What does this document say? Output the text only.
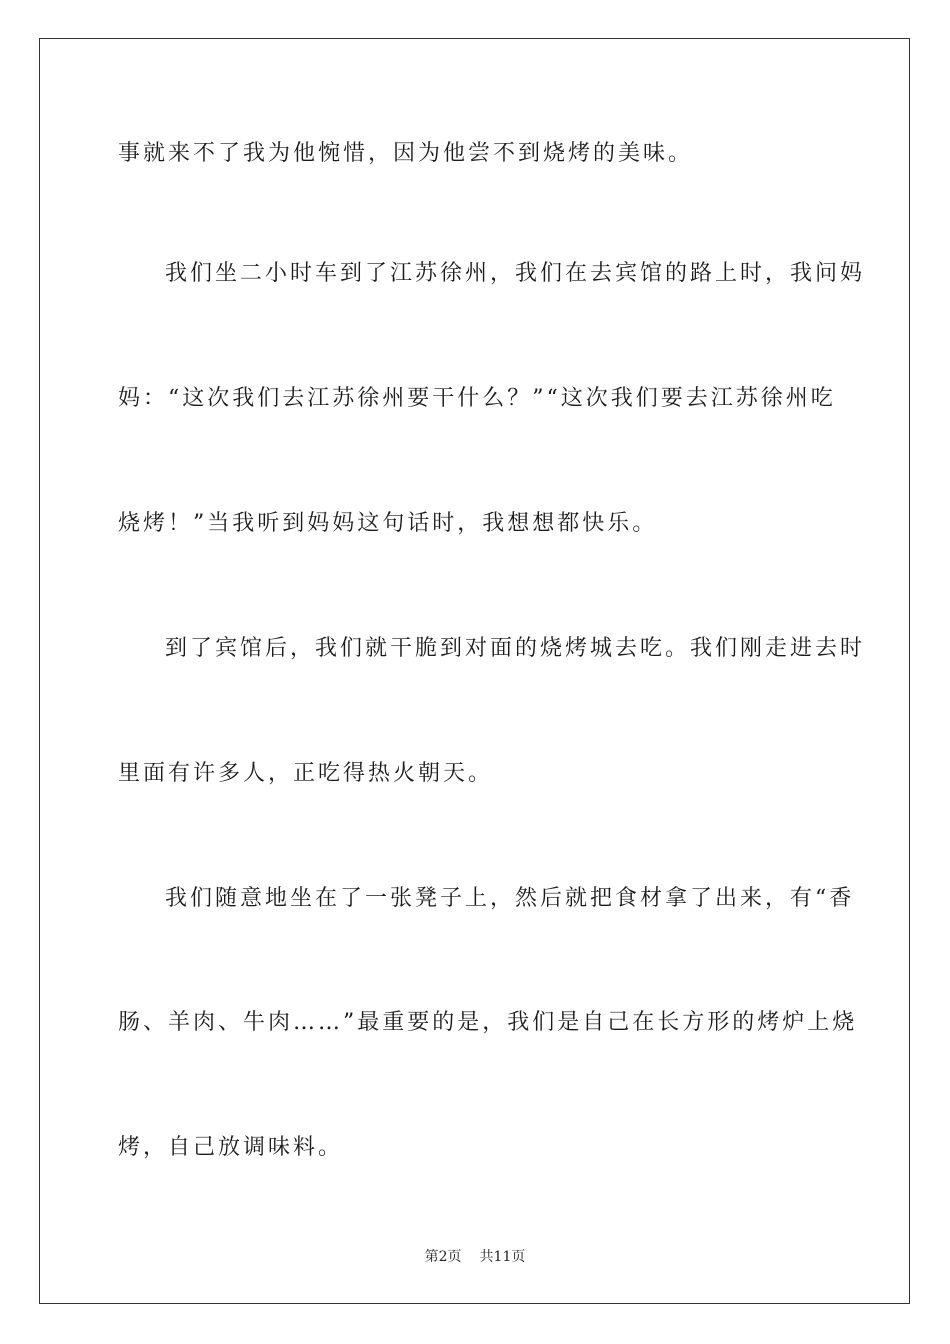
事就来不了我为他惋惜，因为他尝不到烧烤的美味。
我们坐二小时车到了江苏徐州，我们在去宾馆的路上时，我问妈
妈：“这次我们去江苏徐州要干什么？”“这次我们要去江苏徐州吃
烧烤！”当我听到妈妈这句话时，我想想都快乐。
到了宾馆后，我们就干脆到对面的烧烤城去吃。我们刚走进去时
里面有许多人，正吃得热火朝天。
我们随意地坐在了一张凳子上，然后就把食材拿了出来，有“香
肠、羊肉、牛肉……”最重要的是，我们是自己在长方形的烤炉上烧
烤，自己放调味料。
第2页 共11页
